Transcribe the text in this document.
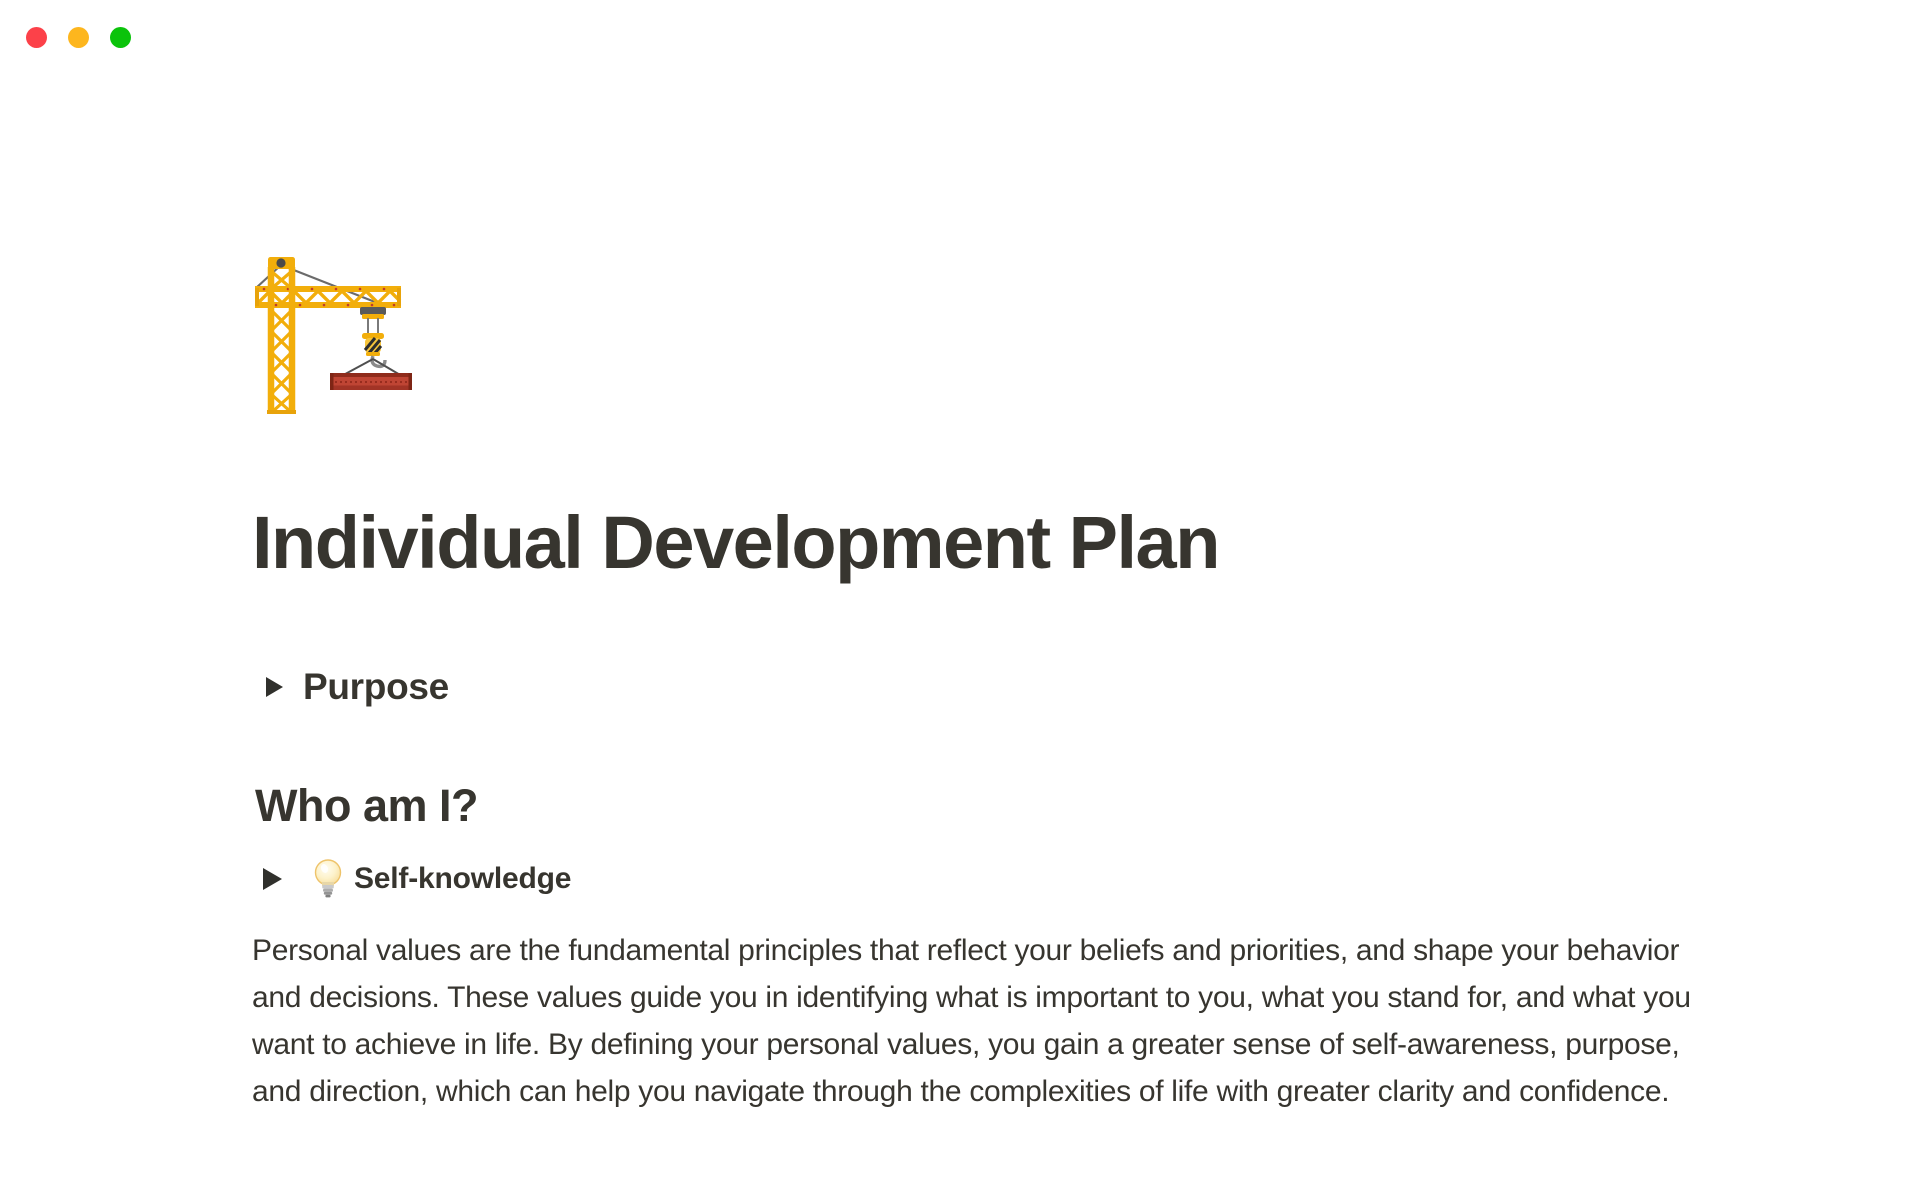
Individual Development Plan
Purpose
Who am I?
Self-knowledge

Personal values are the fundamental principles that reflect your beliefs and priorities, and shape your behavior and decisions. These values guide you in identifying what is important to you, what you stand for, and what you want to achieve in life. By defining your personal values, you gain a greater sense of self-awareness, purpose, and direction, which can help you navigate through the complexities of life with greater clarity and confidence.
